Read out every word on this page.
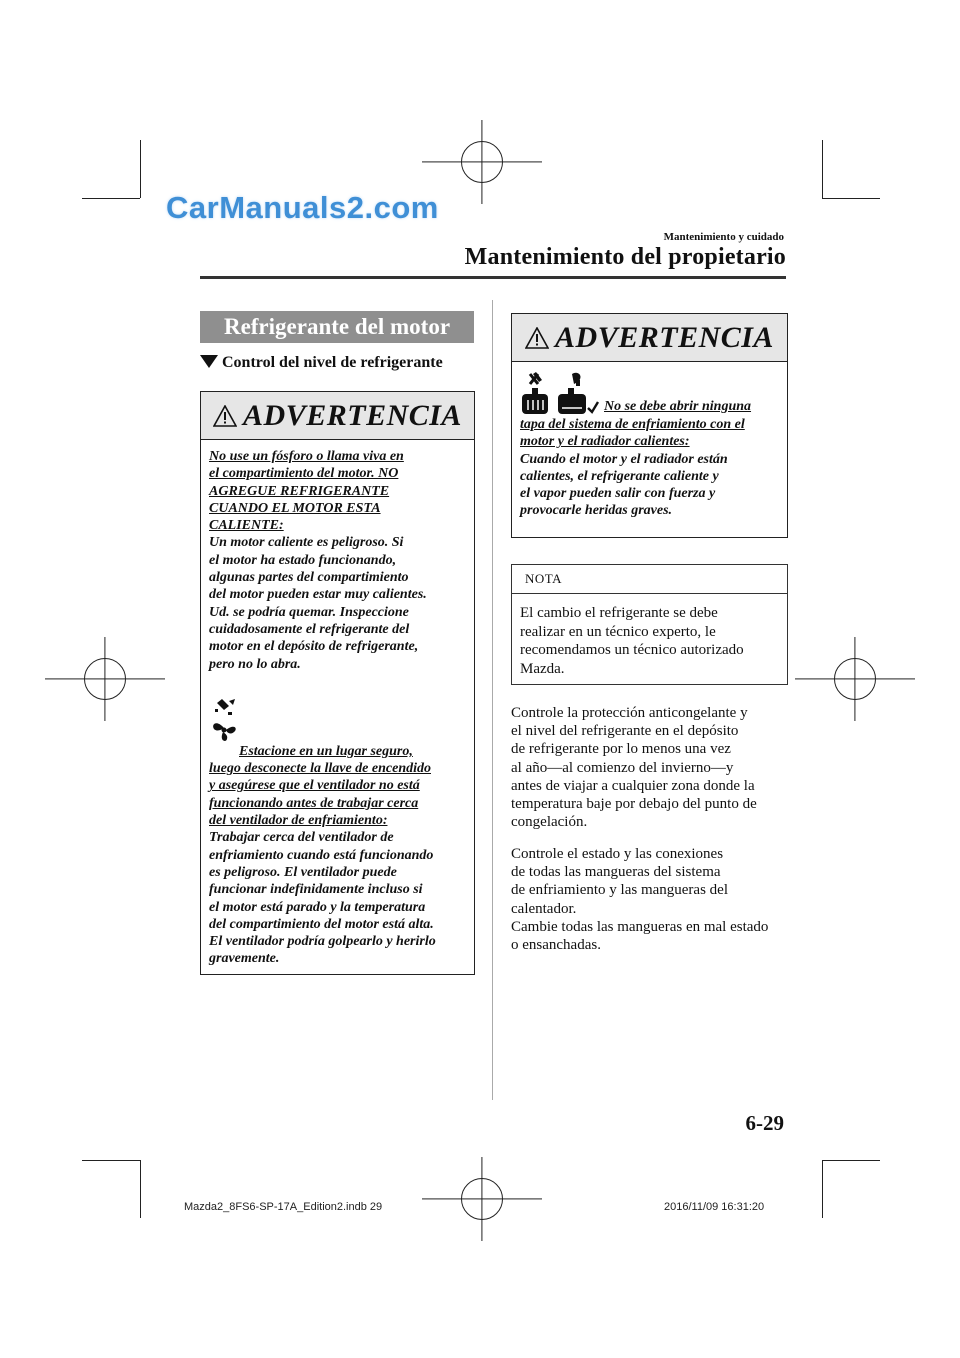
CarManuals2.com
Mantenimiento y cuidado
Mantenimiento del propietario
Refrigerante del motor
Control del nivel de refrigerante
ADVERTENCIA
No use un fósforo o llama viva en
el compartimiento del motor. NO
AGREGUE REFRIGERANTE
CUANDO EL MOTOR ESTA
CALIENTE:
Un motor caliente es peligroso. Si
el motor ha estado funcionando,
algunas partes del compartimiento
del motor pueden estar muy calientes.
Ud. se podría quemar. Inspeccione
cuidadosamente el refrigerante del
motor en el depósito de refrigerante,
pero no lo abra.
Estacione en un lugar seguro,
luego desconecte la llave de encendido
y asegúrese que el ventilador no está
funcionando antes de trabajar cerca
del ventilador de enfriamiento:
Trabajar cerca del ventilador de
enfriamiento cuando está funcionando
es peligroso. El ventilador puede
funcionar indefinidamente incluso si
el motor está parado y la temperatura
del compartimiento del motor está alta.
El ventilador podría golpearlo y herirlo
gravemente.
ADVERTENCIA
No se debe abrir ninguna
tapa del sistema de enfriamiento con el
motor y el radiador calientes:
Cuando el motor y el radiador están
calientes, el refrigerante caliente y
el vapor pueden salir con fuerza y
provocarle heridas graves.
NOTA
El cambio el refrigerante se debe
realizar en un técnico experto, le
recomendamos un técnico autorizado
Mazda.
Controle la protección anticongelante y
el nivel del refrigerante en el depósito
de refrigerante por lo menos una vez
al año—al comienzo del invierno—y
antes de viajar a cualquier zona donde la
temperatura baje por debajo del punto de
congelación.
Controle el estado y las conexiones
de todas las mangueras del sistema
de enfriamiento y las mangueras del
calentador.
Cambie todas las mangueras en mal estado
o ensanchadas.
6-29
Mazda2_8FS6-SP-17A_Edition2.indb 29	2016/11/09 16:31:20
